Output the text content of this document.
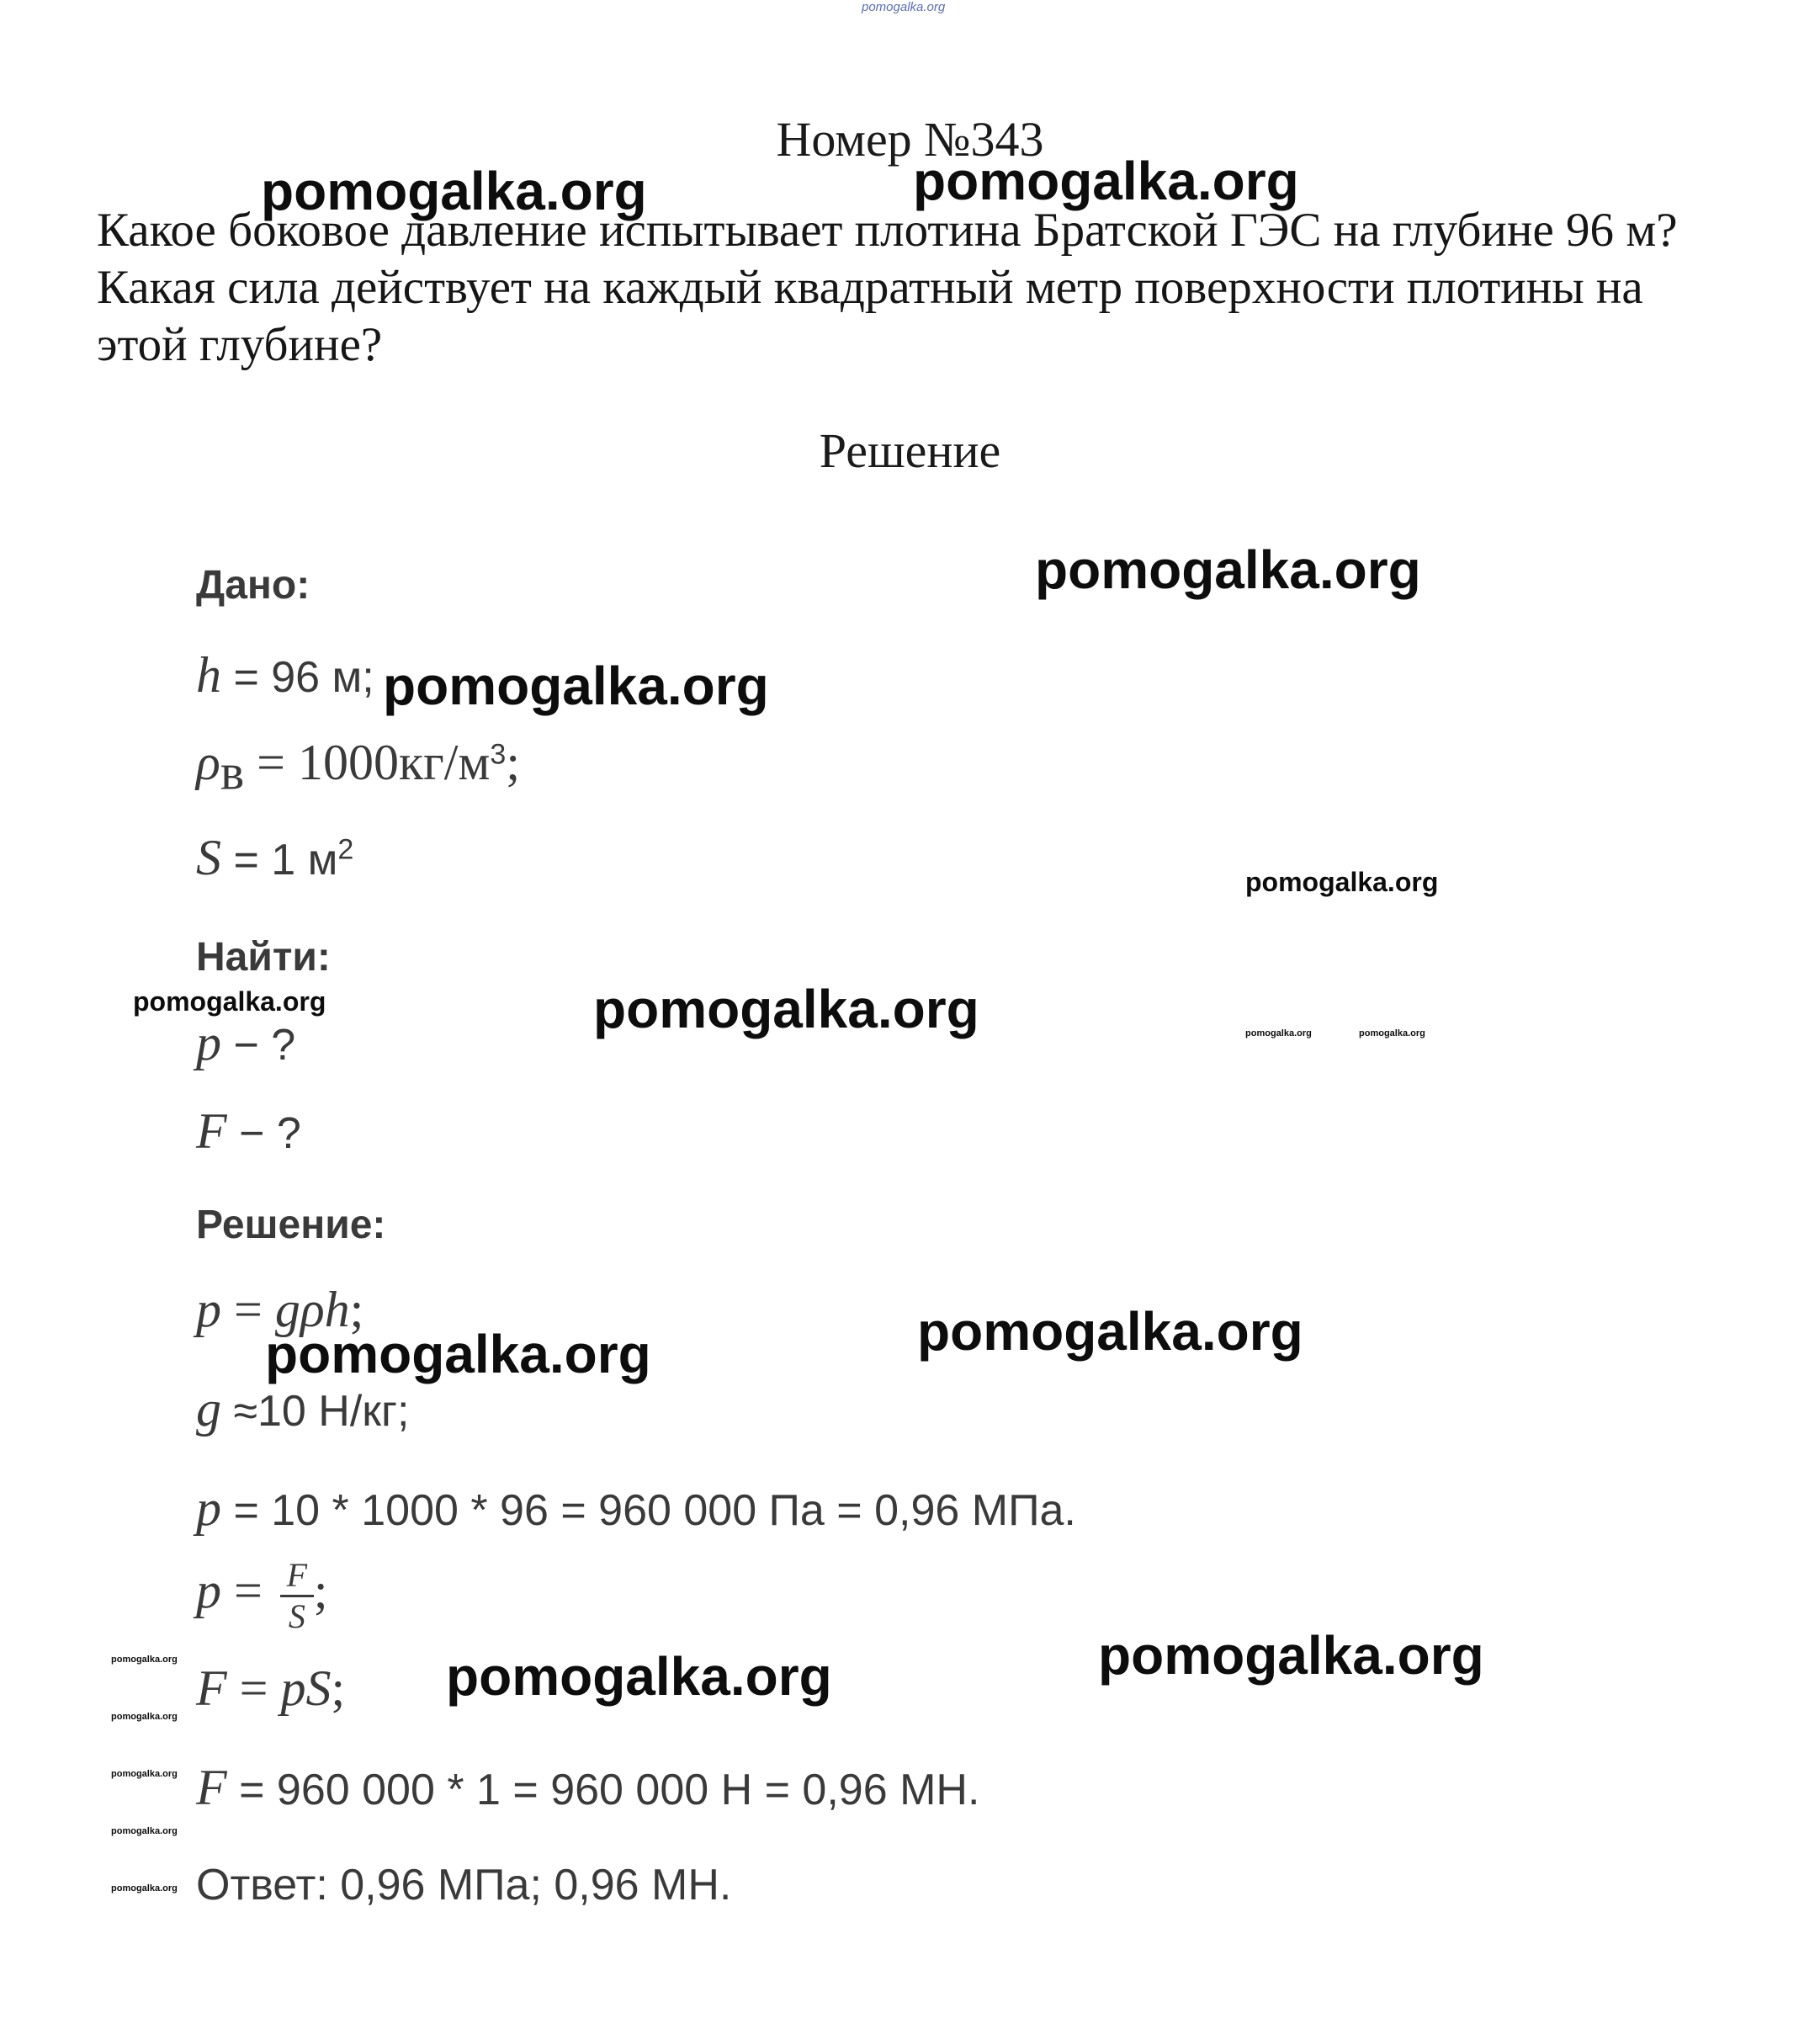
pomogalka.org
Номер №343
Какое боковое давление испытывает плотина Братской ГЭС на глубине 96 м? Какая сила действует на каждый квадратный метр поверхности плотины на этой глубине?
Решение
Дано:
h = 96 м;
$\rho_в = 1000кг/м^3$;
S = 1 $м^2$
Найти:
p − ?
F − ?
Решение:
p = gρh;
g ≈10 Н/кг;
p = 10 * 1000 * 96 = 960 000 Па = 0,96 МПа.
$p = \frac{F}{S}$ ;
F = pS;
F = 960 000 * 1 = 960 000 Н = 0,96 МН.
Ответ: 0,96 МПа; 0,96 МН.
pomogalka.org	pomogalka.org
pomogalka.org
pomogalka.org
pomogalka.org
pomogalka.org	pomogalka.org	pomogalka.org	pomogalka.org
pomogalka.org
pomogalka.org
pomogalka.org
pomogalka.org
pomogalka.org
pomogalka.org
pomogalka.org
pomogalka.org
pomogalka.org
